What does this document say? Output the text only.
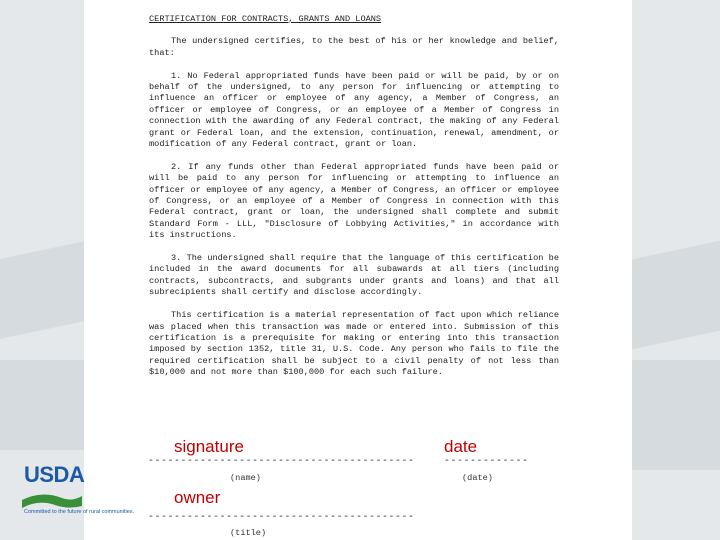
CERTIFICATION FOR CONTRACTS, GRANTS AND LOANS

The undersigned certifies, to the best of his or her knowledge and belief, that:

1. No Federal appropriated funds have been paid or will be paid, by or on behalf of the undersigned, to any person for influencing or attempting to influence an officer or employee of any agency, a Member of Congress, an officer or employee of Congress, or an employee of a Member of Congress in connection with the awarding of any Federal contract, the making of any Federal grant or Federal loan, and the extension, continuation, renewal, amendment, or modification of any Federal contract, grant or loan.

2. If any funds other than Federal appropriated funds have been paid or will be paid to any person for influencing or attempting to influence an officer or employee of any agency, a Member of Congress, an officer or employee of Congress, or an employee of a Member of Congress in connection with this Federal contract, grant or loan, the undersigned shall complete and submit Standard Form - LLL, "Disclosure of Lobbying Activities," in accordance with its instructions.

3. The undersigned shall require that the language of this certification be included in the award documents for all subawards at all tiers (including contracts, subcontracts, and subgrants under grants and loans) and that all subrecipients shall certify and disclose accordingly.

This certification is a material representation of fact upon which reliance was placed when this transaction was made or entered into. Submission of this certification is a prerequisite for making or entering into this transaction imposed by section 1352, title 31, U.S. Code. Any person who fails to file the required certification shall be subject to a civil penalty of not less than $10,000 and not more than $100,000 for each such failure.

signature	date
-----------------------------------------	-------------
(name)	(date)
owner
-----------------------------------------
(title)
USDA
Committed to the future of rural communities.
